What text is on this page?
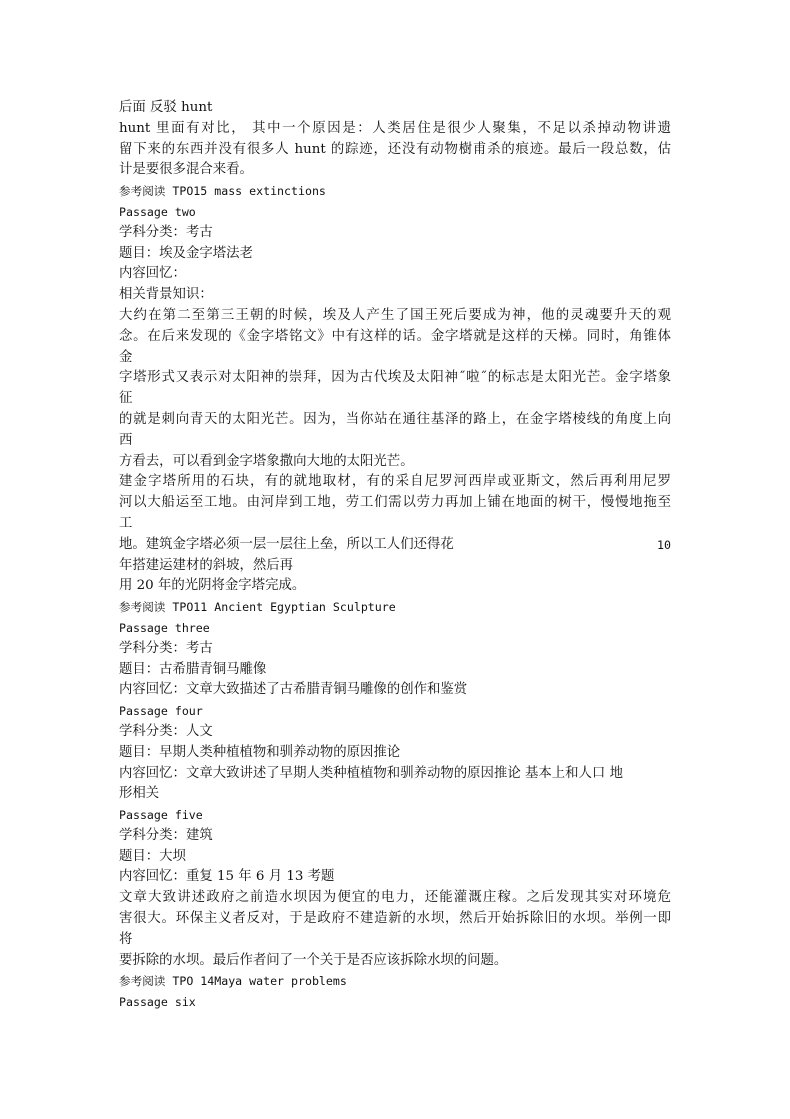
后面 反驳 hunt
hunt 里面有对比， 其中一个原因是：人类居住是很少人聚集，不足以杀掉动物讲遗
留下来的东西并没有很多人 hunt 的踪迹，还没有动物樹甫杀的痕迹。最后一段总数，估
计是要很多混合来看。
参考阅读 TPO15 mass extinctions
Passage two
学科分类：考古
题目：埃及金字塔法老
内容回忆：
相关背景知识：
大约在第二至第三王朝的时候，埃及人产生了国王死后要成为神，他的灵魂要升天的观
念。在后来发现的《金字塔铭文》中有这样的话。金字塔就是这样的天梯。同时，角锥体
金
字塔形式又表示对太阳神的崇拜，因为古代埃及太阳神˝啦˝的标志是太阳光芒。金字塔象
征
的就是刺向青天的太阳光芒。因为，当你站在通往基泽的路上，在金字塔棱线的角度上向
西
方看去，可以看到金字塔象撒向大地的太阳光芒。
建金字塔所用的石块，有的就地取材，有的采自尼罗河西岸或亚斯文，然后再利用尼罗
河以大船运至工地。由河岸到工地，劳工们需以劳力再加上铺在地面的树干，慢慢地拖至
工
地。建筑金字塔必须一层一层往上垒，所以工人们还得花	10
年搭建运建材的斜坡，然后再
用 20 年的光阴将金字塔完成。
参考阅读 TPO11 Ancient Egyptian Sculpture
Passage three
学科分类：考古
题目：古希腊青铜马雕像
内容回忆：文章大致描述了古希腊青铜马雕像的创作和鉴赏
Passage four
学科分类：人文
题目：早期人类种植植物和驯养动物的原因推论
内容回忆：文章大致讲述了早期人类种植植物和驯养动物的原因推论 基本上和人口 地
形相关
Passage five
学科分类：建筑
题目：大坝
内容回忆：重复 15 年 6 月 13 考题
文章大致讲述政府之前造水坝因为便宜的电力，还能灌溉庄稼。之后发现其实对环境危
害很大。环保主义者反对，于是政府不建造新的水坝，然后开始拆除旧的水坝。举例一即
将
要拆除的水坝。最后作者问了一个关于是否应该拆除水坝的问题。
参考阅读 TPO 14Maya water problems
Passage six
